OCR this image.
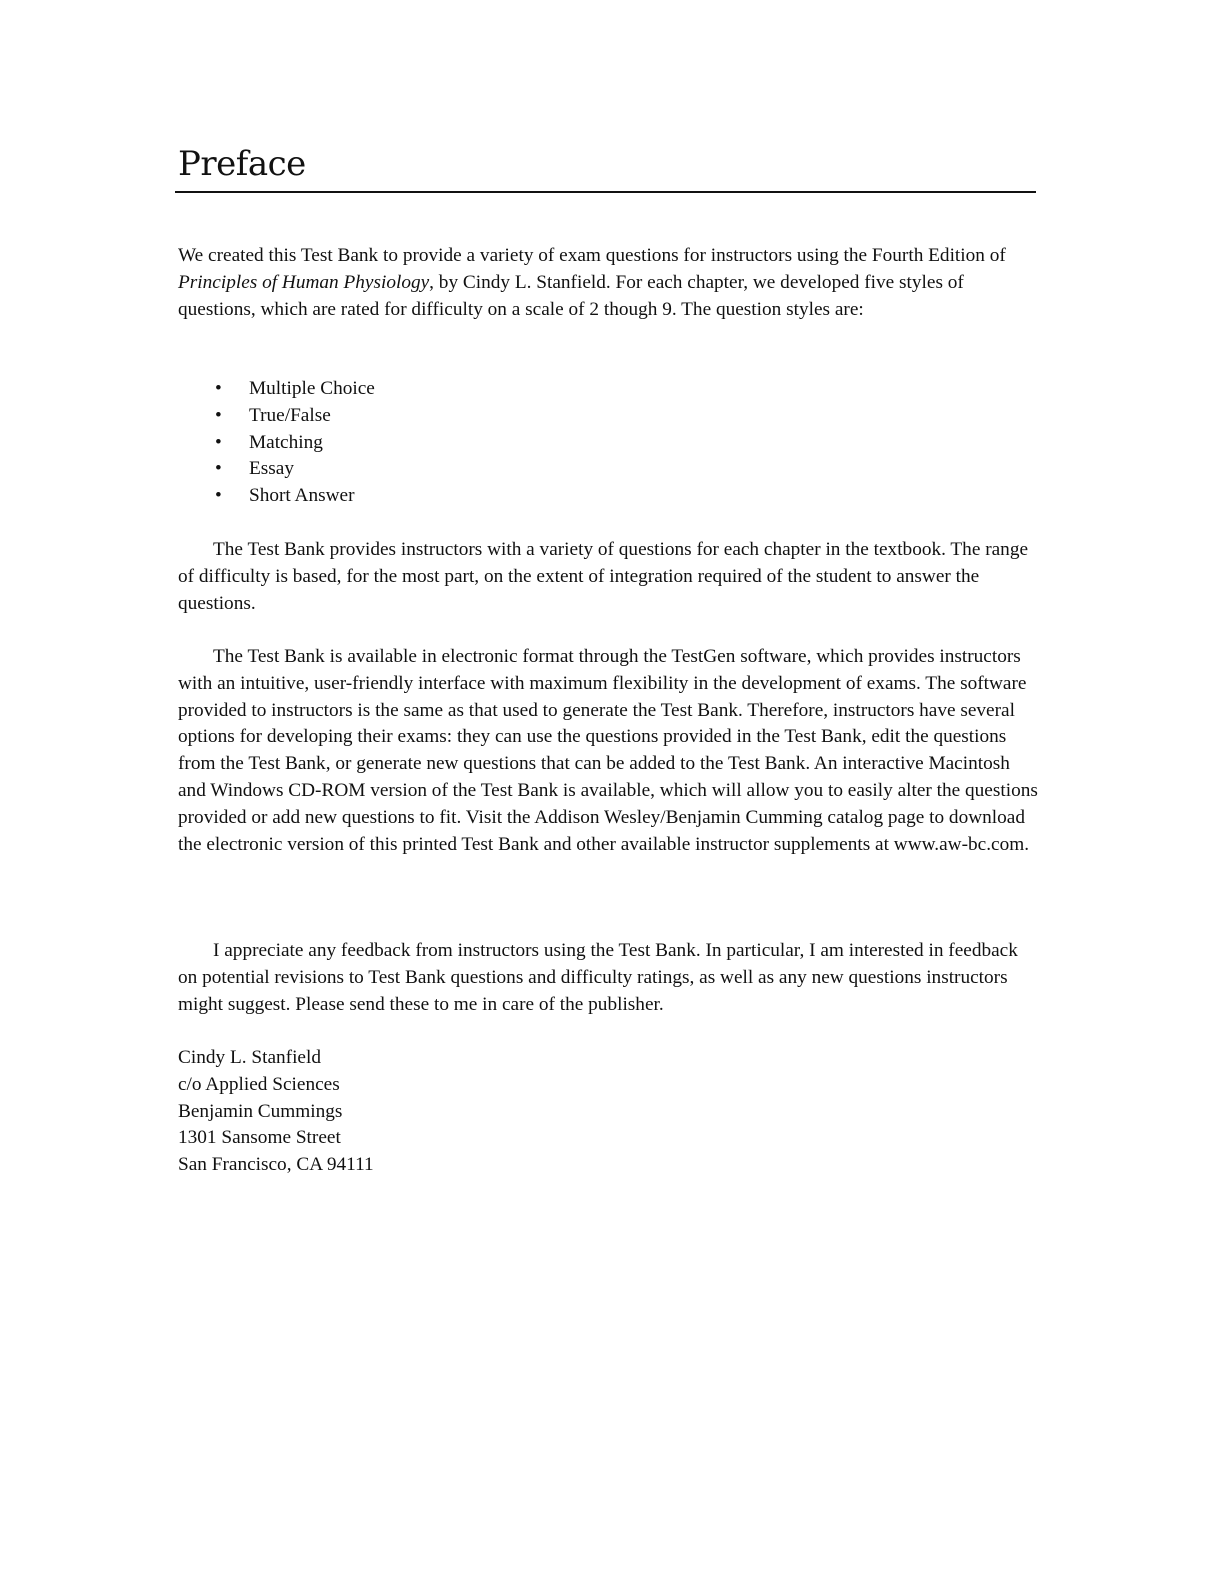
Preface

We created this Test Bank to provide a variety of exam questions for instructors using the Fourth Edition of Principles of Human Physiology, by Cindy L. Stanfield. For each chapter, we developed five styles of questions, which are rated for difficulty on a scale of 2 though 9. The question styles are:

• Multiple Choice
• True/False
• Matching
• Essay
• Short Answer

The Test Bank provides instructors with a variety of questions for each chapter in the textbook. The range of difficulty is based, for the most part, on the extent of integration required of the student to answer the questions.

The Test Bank is available in electronic format through the TestGen software, which provides instructors with an intuitive, user-friendly interface with maximum flexibility in the development of exams. The software provided to instructors is the same as that used to generate the Test Bank. Therefore, instructors have several options for developing their exams: they can use the questions provided in the Test Bank, edit the questions from the Test Bank, or generate new questions that can be added to the Test Bank. An interactive Macintosh and Windows CD-ROM version of the Test Bank is available, which will allow you to easily alter the questions provided or add new questions to fit. Visit the Addison Wesley/Benjamin Cumming catalog page to download the electronic version of this printed Test Bank and other available instructor supplements at www.aw-bc.com.

I appreciate any feedback from instructors using the Test Bank. In particular, I am interested in feedback on potential revisions to Test Bank questions and difficulty ratings, as well as any new questions instructors might suggest. Please send these to me in care of the publisher.

Cindy L. Stanfield
c/o Applied Sciences
Benjamin Cummings
1301 Sansome Street
San Francisco, CA 94111
